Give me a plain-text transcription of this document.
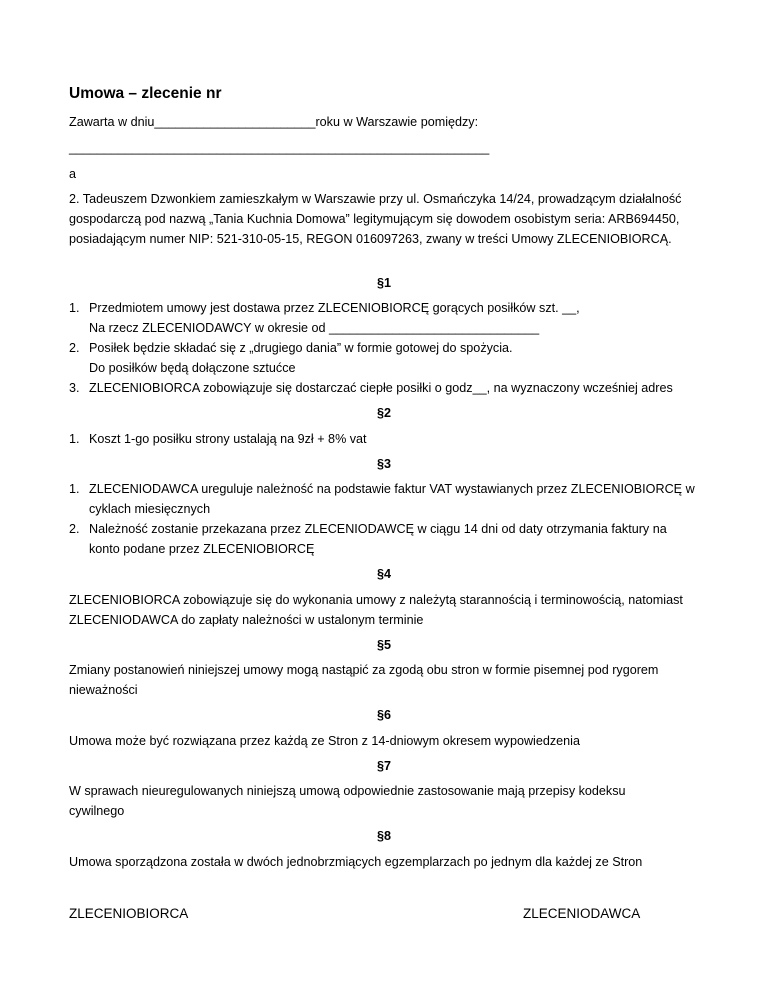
Umowa – zlecenie nr
Zawarta w dniu_______________________roku w Warszawie pomiędzy:
____________________________________________________________
a
2. Tadeuszem Dzwonkiem zamieszkałym w Warszawie przy ul. Osmańczyka 14/24, prowadzącym działalność
gospodarczą pod nazwą „Tania Kuchnia Domowa” legitymującym się dowodem osobistym seria: ARB694450,
posiadającym numer NIP: 521-310-05-15, REGON 016097263, zwany w treści Umowy ZLECENIOBIORCĄ.
§1
1. Przedmiotem umowy jest dostawa przez ZLECENIOBIORCĘ gorących posiłków szt. __,
Na rzecz ZLECENIODAWCY w okresie od ______________________________
2. Posiłek będzie składać się z „drugiego dania” w formie gotowej do spożycia.
Do posiłków będą dołączone sztućce
3. ZLECENIOBIORCA zobowiązuje się dostarczać ciepłe posiłki o godz__, na wyznaczony wcześniej adres
§2
1. Koszt 1-go posiłku strony ustalają na 9zł + 8% vat
§3
1. ZLECENIODAWCA ureguluje należność na podstawie faktur VAT wystawianych przez ZLECENIOBIORCĘ w
cyklach miesięcznych
2. Należność zostanie przekazana przez ZLECENIODAWCĘ w ciągu 14 dni od daty otrzymania faktury na
konto podane przez ZLECENIOBIORCĘ
§4
ZLECENIOBIORCA zobowiązuje się do wykonania umowy z należytą starannością i terminowością, natomiast
ZLECENIODAWCA do zapłaty należności w ustalonym terminie
§5
Zmiany postanowień niniejszej umowy mogą nastąpić za zgodą obu stron w formie pisemnej pod rygorem
nieważności
§6
Umowa może być rozwiązana przez każdą ze Stron z 14-dniowym okresem wypowiedzenia
§7
W sprawach nieuregulowanych niniejszą umową odpowiednie zastosowanie mają przepisy kodeksu
cywilnego
§8
Umowa sporządzona została w dwóch jednobrzmiących egzemplarzach po jednym dla każdej ze Stron
ZLECENIOBIORCA	ZLECENIODAWCA
